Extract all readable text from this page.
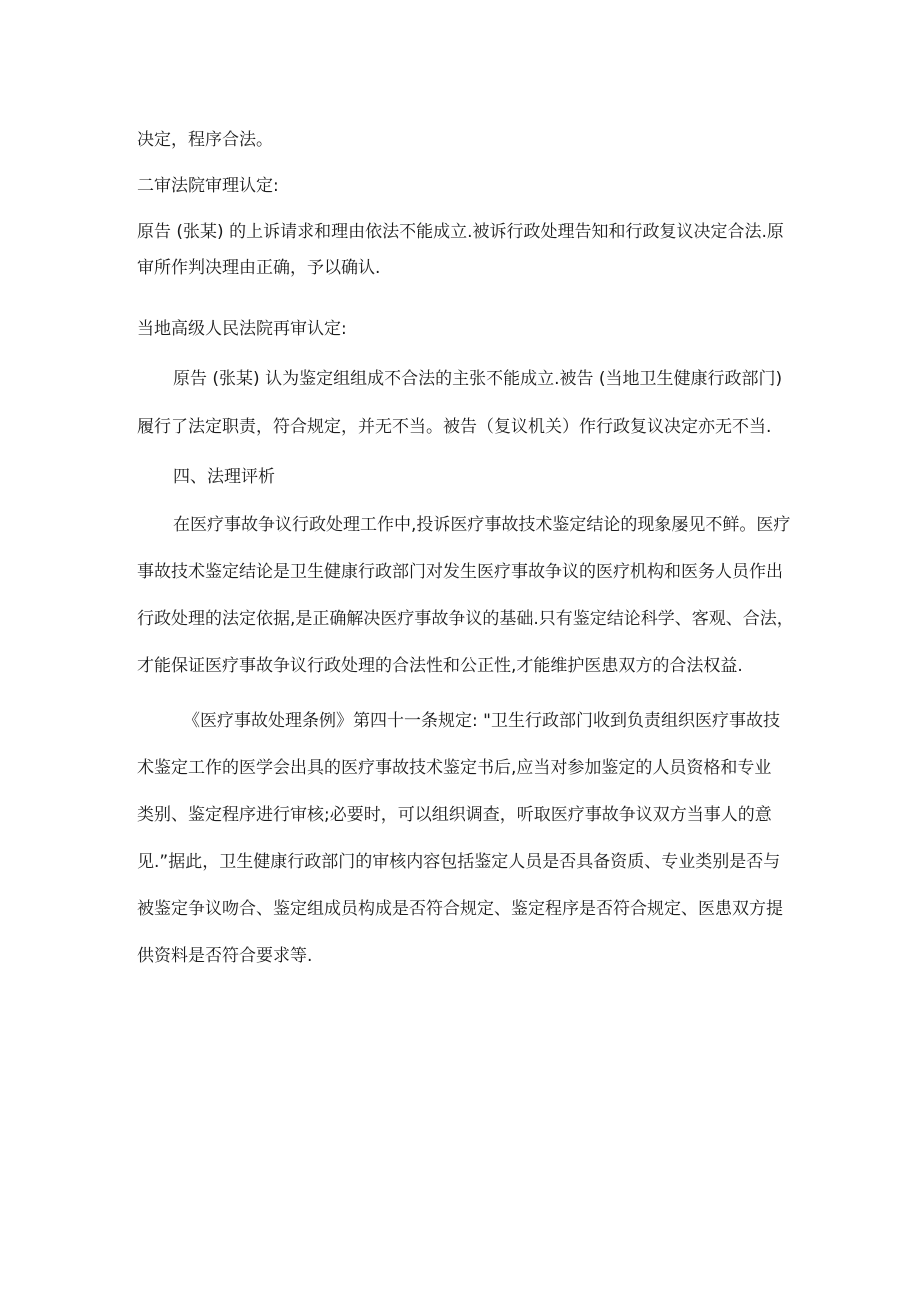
决定，程序合法。
二审法院审理认定:
原告 (张某) 的上诉请求和理由依法不能成立.被诉行政处理告知和行政复议决定合法.原
审所作判决理由正确，予以确认.
当地高级人民法院再审认定:
原告 (张某) 认为鉴定组组成不合法的主张不能成立.被告 (当地卫生健康行政部门)
履行了法定职责，符合规定，并无不当。被告（复议机关）作行政复议决定亦无不当.
四、法理评析
在医疗事故争议行政处理工作中,投诉医疗事故技术鉴定结论的现象屡见不鲜。医疗
事故技术鉴定结论是卫生健康行政部门对发生医疗事故争议的医疗机构和医务人员作出
行政处理的法定依据,是正确解决医疗事故争议的基础.只有鉴定结论科学、客观、合法，
才能保证医疗事故争议行政处理的合法性和公正性,才能维护医患双方的合法权益.
《医疗事故处理条例》第四十一条规定: "卫生行政部门收到负责组织医疗事故技
术鉴定工作的医学会出具的医疗事故技术鉴定书后,应当对参加鉴定的人员资格和专业
类别、鉴定程序进行审核;必要时，可以组织调查，听取医疗事故争议双方当事人的意
见.”据此，卫生健康行政部门的审核内容包括鉴定人员是否具备资质、专业类别是否与
被鉴定争议吻合、鉴定组成员构成是否符合规定、鉴定程序是否符合规定、医患双方提
供资料是否符合要求等.
